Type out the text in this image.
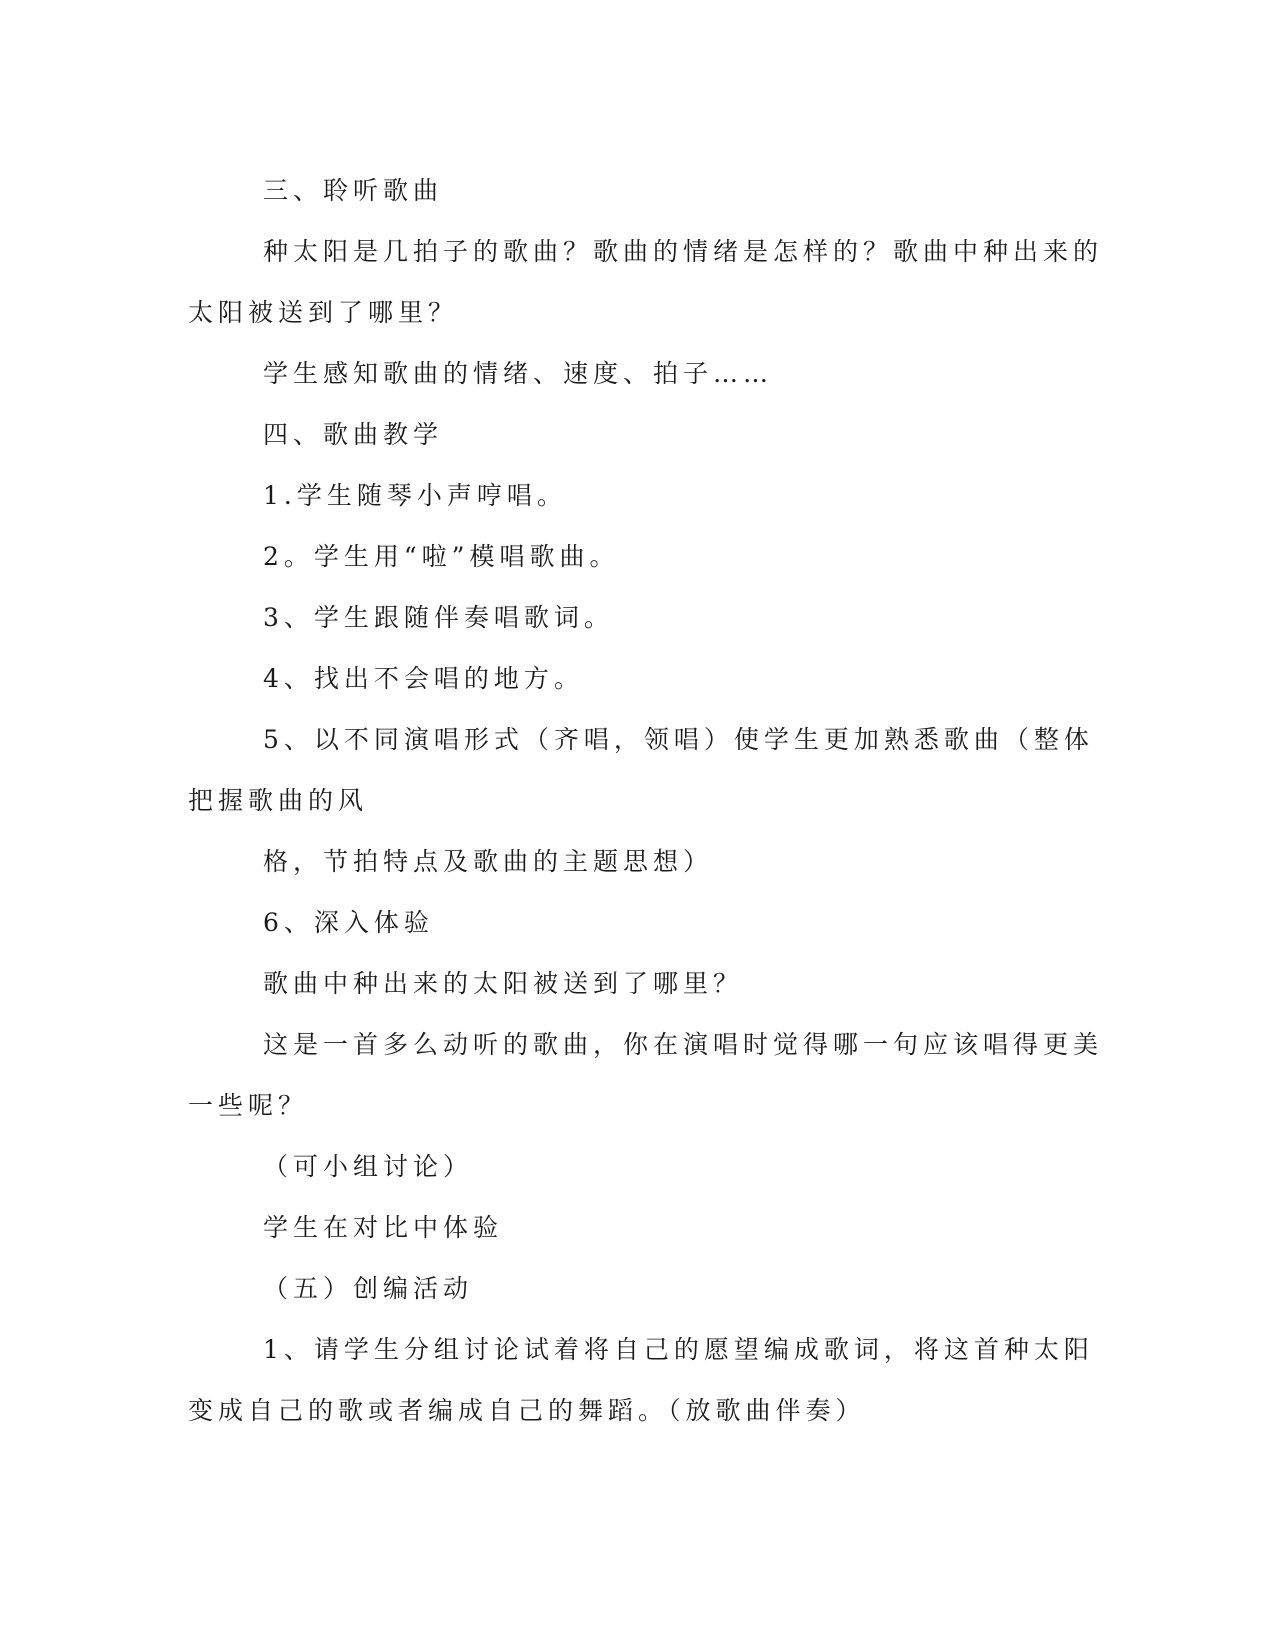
三、聆听歌曲

种太阳是几拍子的歌曲？歌曲的情绪是怎样的？歌曲中种出来的

太阳被送到了哪里？

学生感知歌曲的情绪、速度、拍子……

四、歌曲教学

1.学生随琴小声哼唱。

2。学生用“啦”模唱歌曲。

3、学生跟随伴奏唱歌词。

4、找出不会唱的地方。

5、以不同演唱形式（齐唱，领唱）使学生更加熟悉歌曲（整体

把握歌曲的风

格，节拍特点及歌曲的主题思想）

6、深入体验

歌曲中种出来的太阳被送到了哪里？

这是一首多么动听的歌曲，你在演唱时觉得哪一句应该唱得更美

一些呢？

（可小组讨论）

学生在对比中体验

（五）创编活动

1、请学生分组讨论试着将自己的愿望编成歌词，将这首种太阳

变成自己的歌或者编成自己的舞蹈。（放歌曲伴奏）
